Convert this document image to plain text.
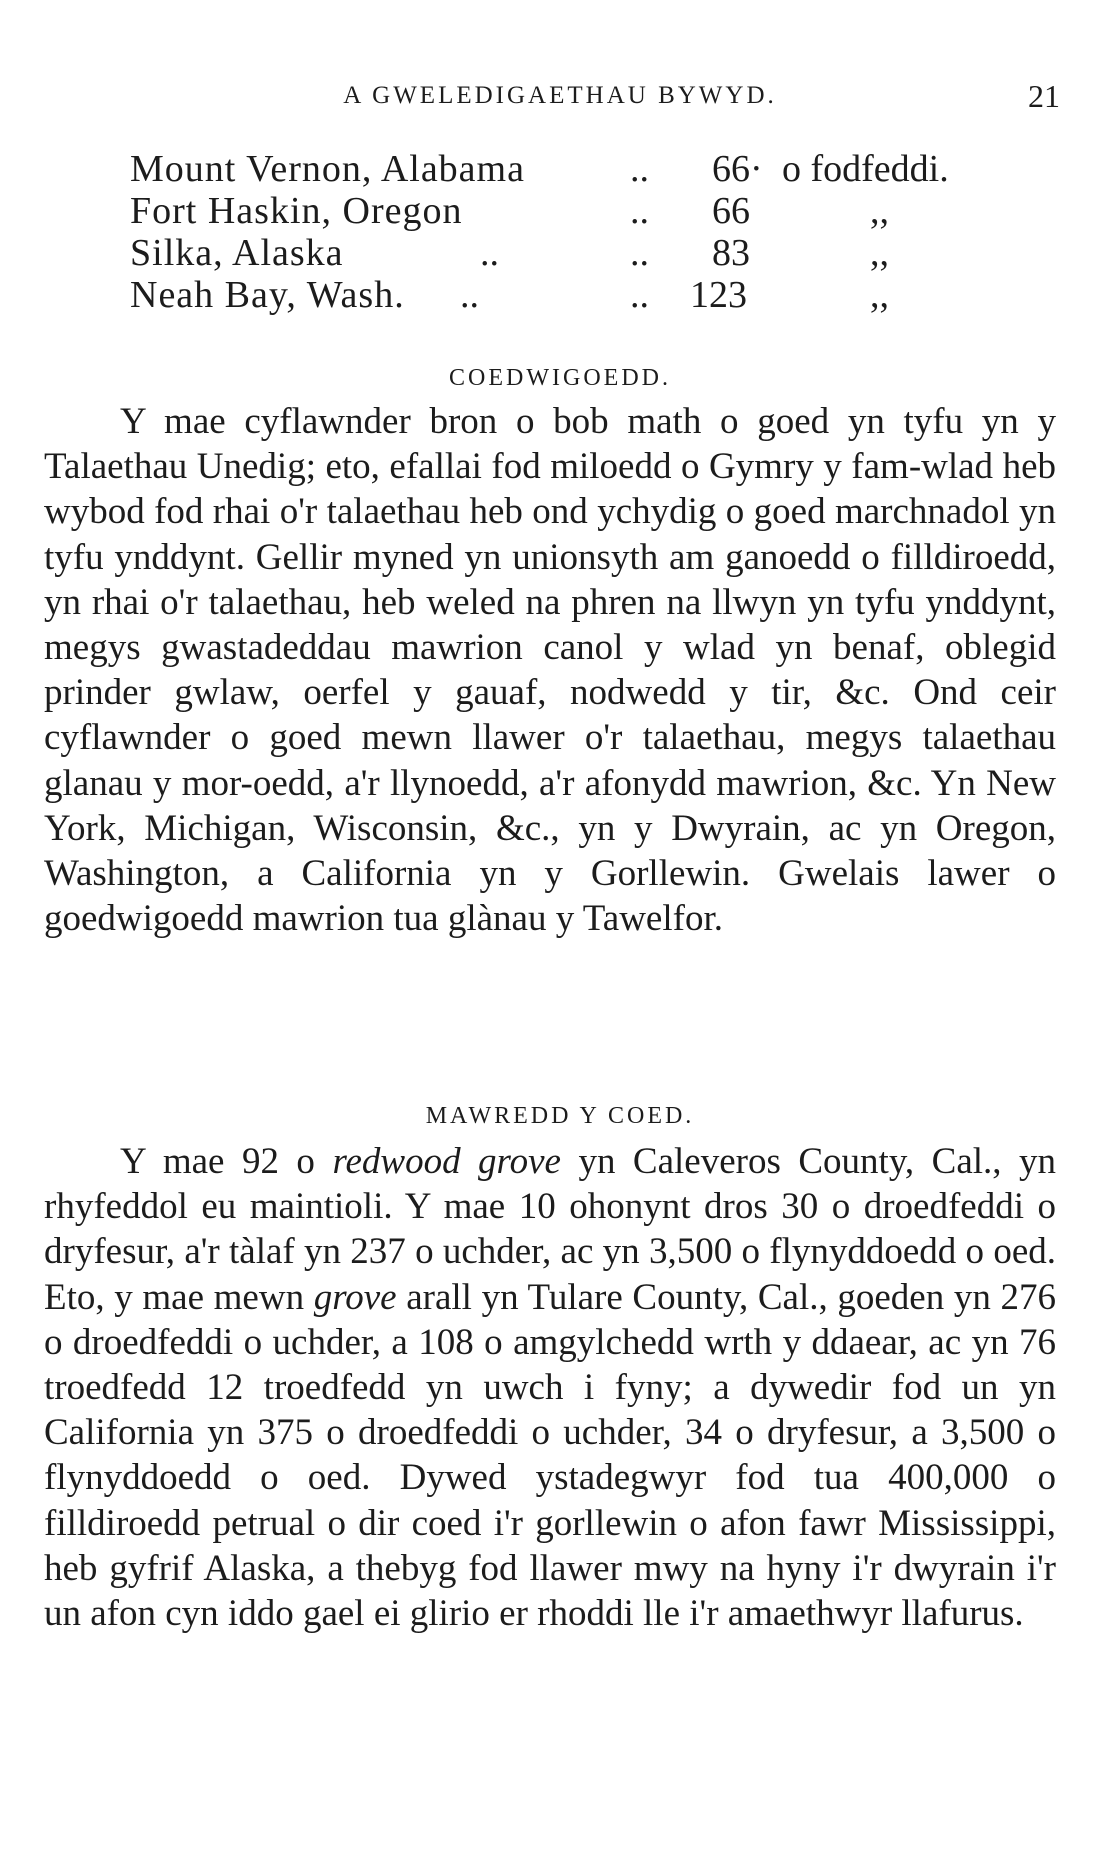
A GWELEDIGAETHAU BYWYD.	21
Mount Vernon, Alabama	.. 66· o fodfeddi.
Fort Haskin, Oregon	.. 66	,,
Silka, Alaska	..	.. 83	,,
Neah Bay, Wash. ..	.. 123	,,
COEDWIGOEDD.

Y mae cyflawnder bron o bob math o goed yn tyfu yn y Talaethau Unedig; eto, efallai fod miloedd o Gymry y fam-wlad heb wybod fod rhai o'r talaethau heb ond ychydig o goed marchnadol yn tyfu ynddynt. Gellir myned yn unionsyth am ganoedd o filldiroedd, yn rhai o'r talaethau, heb weled na phren na llwyn yn tyfu ynddynt, megys gwastadeddau mawrion canol y wlad yn benaf, oblegid prinder gwlaw, oerfel y gauaf, nodwedd y tir, &c. Ond ceir cyflawnder o goed mewn llawer o'r talaethau, megys talaethau glanau y mor-oedd, a'r llynoedd, a'r afonydd mawrion, &c. Yn New York, Michigan, Wisconsin, &c., yn y Dwyrain, ac yn Oregon, Washington, a California yn y Gorllewin. Gwelais lawer o goedwigoedd mawrion tua glànau y Tawelfor.

MAWREDD Y COED.

Y mae 92 o redwood grove yn Caleveros County, Cal., yn rhyfeddol eu maintioli. Y mae 10 ohonynt dros 30 o droedfeddi o dryfesur, a'r tàlaf yn 237 o uchder, ac yn 3,500 o flynyddoedd o oed. Eto, y mae mewn grove arall yn Tulare County, Cal., goeden yn 276 o droedfeddi o uchder, a 108 o amgylchedd wrth y ddaear, ac yn 76 troedfedd 12 troedfedd yn uwch i fyny; a dywedir fod un yn California yn 375 o droedfeddi o uchder, 34 o dryfesur, a 3,500 o flynyddoedd o oed. Dywed ystadegwyr fod tua 400,000 o filldiroedd petrual o dir coed i'r gorllewin o afon fawr Mississippi, heb gyfrif Alaska, a thebyg fod llawer mwy na hyny i'r dwyrain i'r un afon cyn iddo gael ei glirio er rhoddi lle i'r amaethwyr llafurus.
